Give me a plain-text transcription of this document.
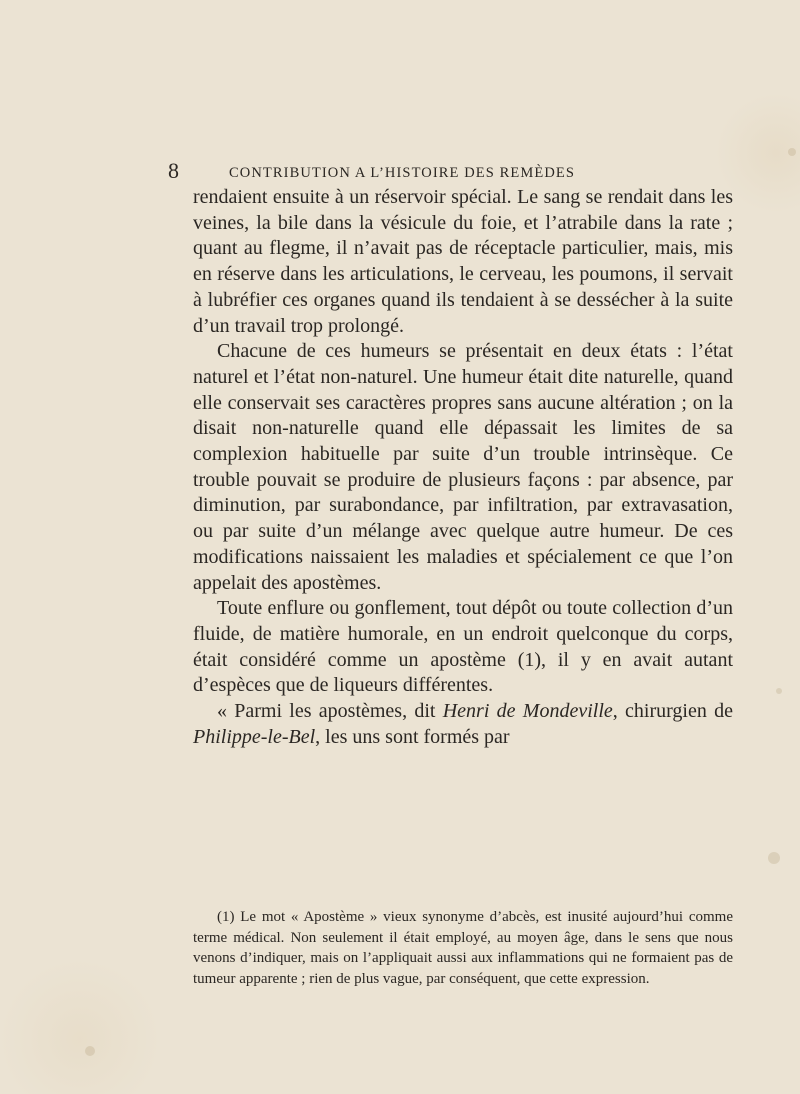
8	CONTRIBUTION A L’HISTOIRE DES REMÈDES

rendaient ensuite à un réservoir spécial. Le sang se rendait dans les veines, la bile dans la vésicule du foie, et l’atrabile dans la rate ; quant au flegme, il n’avait pas de réceptacle particulier, mais, mis en réserve dans les articulations, le cerveau, les poumons, il servait à lubréfier ces organes quand ils tendaient à se dessécher à la suite d’un travail trop prolongé.

Chacune de ces humeurs se présentait en deux états : l’état naturel et l’état non-naturel. Une humeur était dite naturelle, quand elle conservait ses caractères propres sans aucune altération ; on la disait non-naturelle quand elle dépassait les limites de sa complexion habituelle par suite d’un trouble intrinsèque. Ce trouble pouvait se produire de plusieurs façons : par absence, par diminution, par surabondance, par infiltration, par extravasation, ou par suite d’un mélange avec quelque autre humeur. De ces modifications naissaient les maladies et spécialement ce que l’on appelait des apostèmes.

Toute enflure ou gonflement, tout dépôt ou toute collection d’un fluide, de matière humorale, en un endroit quelconque du corps, était considéré comme un apostème (1), il y en avait autant d’espèces que de liqueurs différentes.

« Parmi les apostèmes, dit Henri de Mondeville, chirurgien de Philippe-le-Bel, les uns sont formés par

(1) Le mot « Apostème » vieux synonyme d’abcès, est inusité aujourd’hui comme terme médical. Non seulement il était employé, au moyen âge, dans le sens que nous venons d’indiquer, mais on l’appliquait aussi aux inflammations qui ne formaient pas de tumeur apparente ; rien de plus vague, par conséquent, que cette expression.
